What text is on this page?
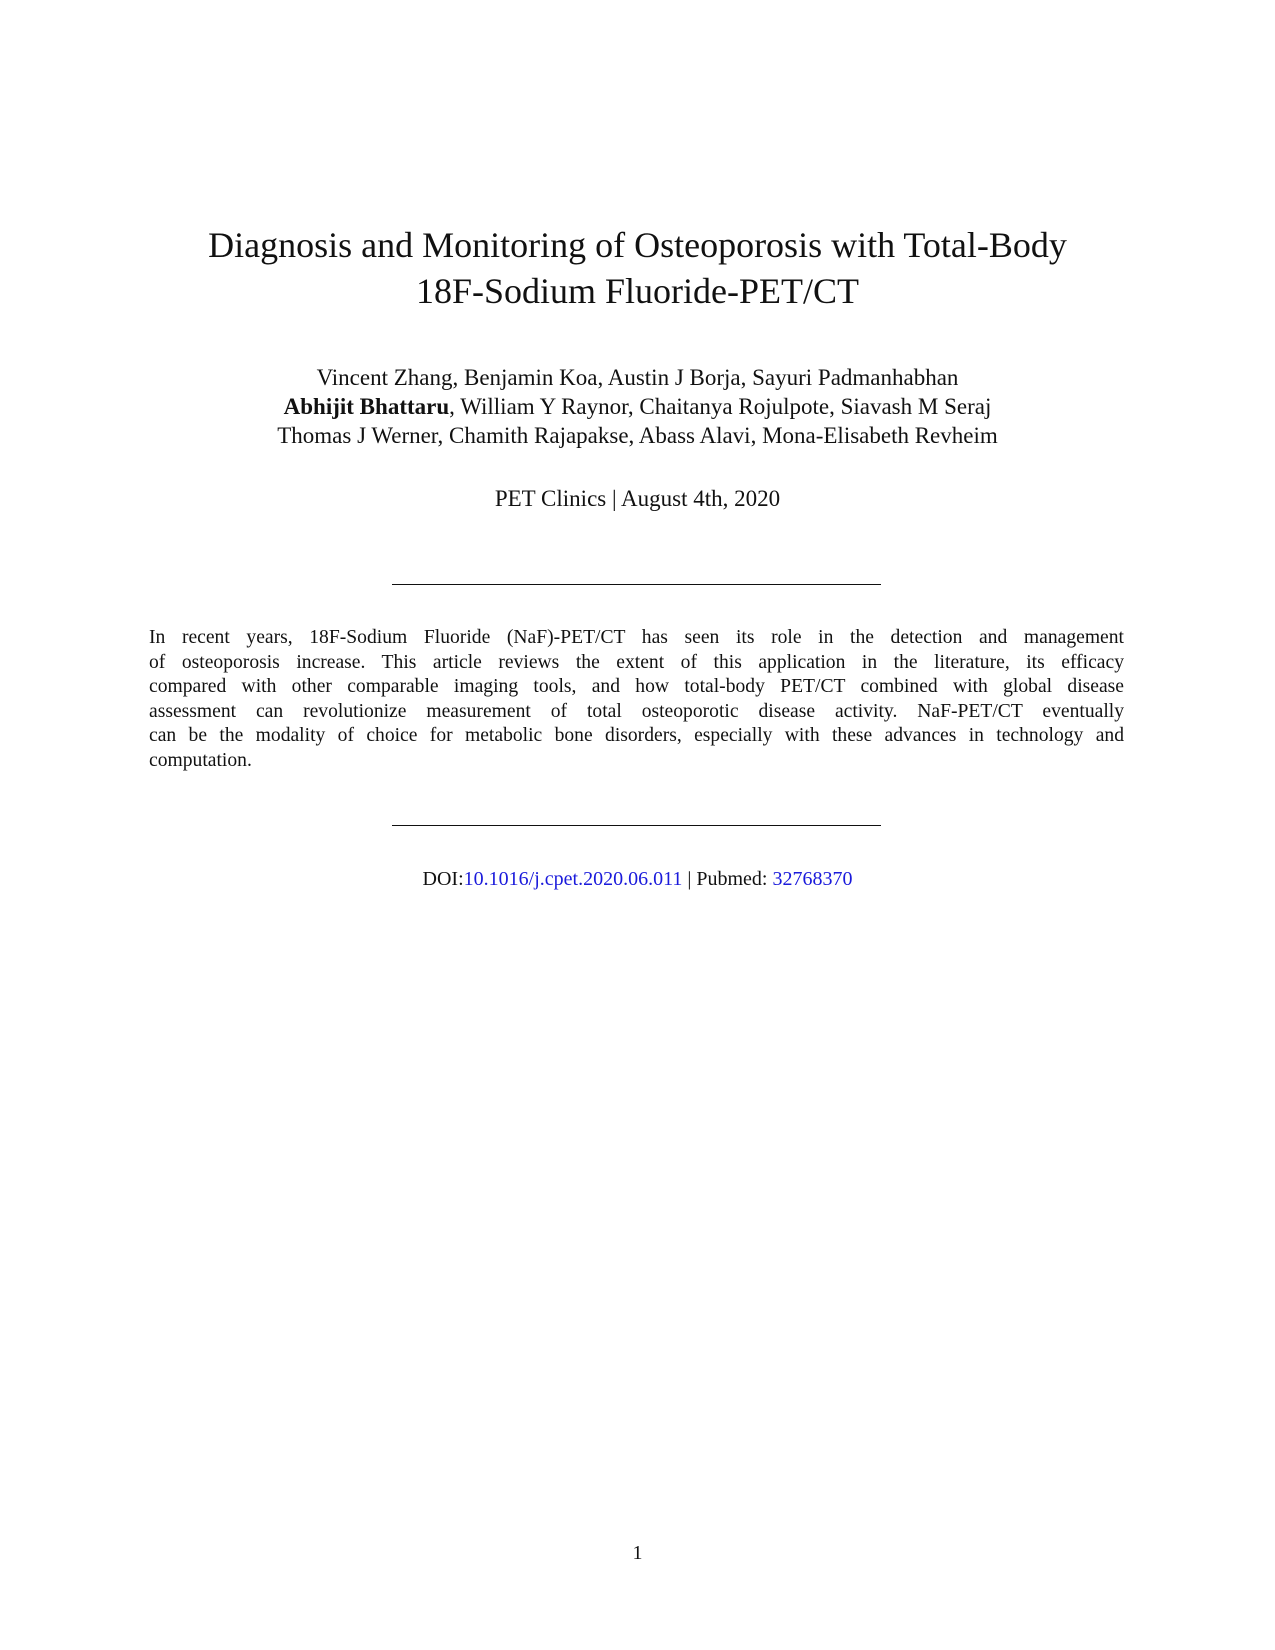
Diagnosis and Monitoring of Osteoporosis with Total-Body
18F-Sodium Fluoride-PET/CT
Vincent Zhang, Benjamin Koa, Austin J Borja, Sayuri Padmanhabhan
Abhijit Bhattaru, William Y Raynor, Chaitanya Rojulpote, Siavash M Seraj
Thomas J Werner, Chamith Rajapakse, Abass Alavi, Mona-Elisabeth Revheim
PET Clinics | August 4th, 2020
In recent years, 18F-Sodium Fluoride (NaF)-PET/CT has seen its role in the detection and management
of osteoporosis increase. This article reviews the extent of this application in the literature, its efficacy
compared with other comparable imaging tools, and how total-body PET/CT combined with global disease
assessment can revolutionize measurement of total osteoporotic disease activity. NaF-PET/CT eventually
can be the modality of choice for metabolic bone disorders, especially with these advances in technology and
computation.
DOI:10.1016/j.cpet.2020.06.011 | Pubmed: 32768370
1
